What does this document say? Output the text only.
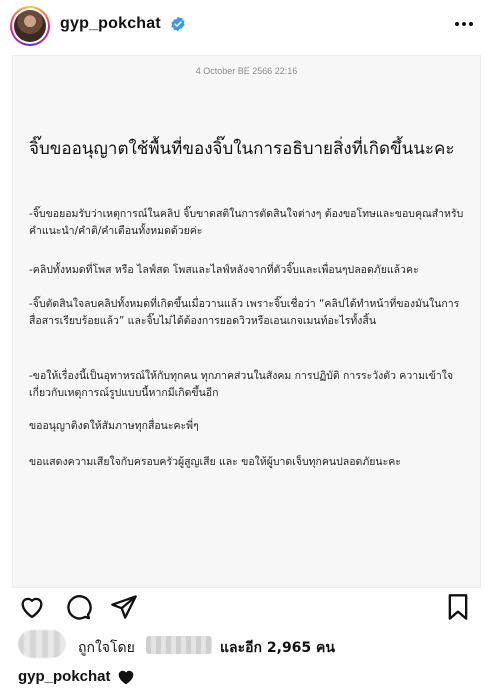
gyp_pokchat
4 October BE 2566 22:16
จิ๊บขออนุญาตใช้พื้นที่ของจิ๊บในการอธิบายสิ่งที่เกิดขึ้นนะคะ
-จิ๊บขอยอมรับว่าเหตุการณ์ในคลิป จิ๊บขาดสติในการตัดสินใจต่างๆ ต้องขอโทษและขอบคุณสำหรับคำแนะนำ/คำติ/คำเตือนทั้งหมดด้วยค่ะ
-คลิปทั้งหมดที่โพส หรือ ไลฟ์สด โพสและไลฟ์หลังจากที่ตัวจิ๊บและเพื่อนๆปลอดภัยแล้วคะ
-จิ๊บตัดสินใจลบคลิปทั้งหมดที่เกิดขึ้นเมื่อวานแล้ว เพราะจิ๊บเชื่อว่า “คลิปได้ทำหน้าที่ของมันในการสื่อสารเรียบร้อยแล้ว” และจิ๊บไม่ได้ต้องการยอดวิวหรือเอนเกจเมนท์อะไรทั้งสิ้น
-ขอให้เรื่องนี้เป็นอุทาหรณ์ให้กับทุกคน ทุกภาคส่วนในสังคม การปฏิบัติ การระวังตัว ความเข้าใจเกี่ยวกับเหตุการณ์รูปแบบนี้หากมีเกิดขึ้นอีก
ขออนุญาติงดให้สัมภาษทุกสื่อนะคะพี่ๆ
ขอแสดงความเสียใจกับครอบครัวผู้สูญเสีย และ ขอให้ผู้บาดเจ็บทุกคนปลอดภัยนะคะ
ถูกใจโดย	และอีก 2,965 คน
gyp_pokchat
